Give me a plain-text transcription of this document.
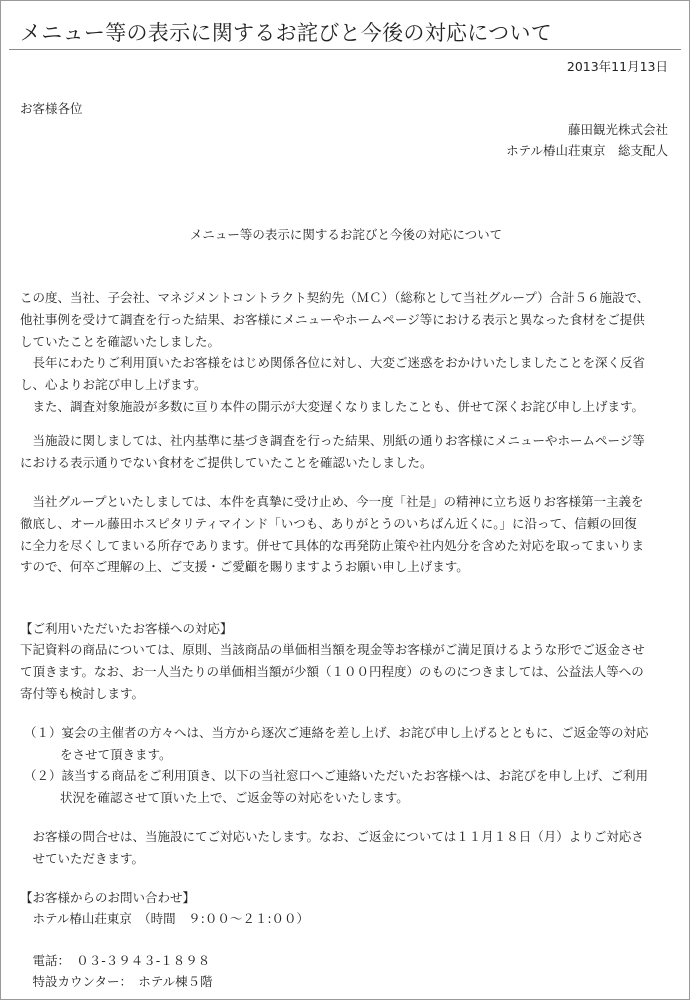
メニュー等の表示に関するお詫びと今後の対応について
2013年11月13日
お客様各位
藤田観光株式会社
ホテル椿山荘東京　総支配人
メニュー等の表示に関するお詫びと今後の対応について

この度、当社、子会社、マネジメントコントラクト契約先（ＭＣ）（総称として当社グループ）合計５６施設で、
他社事例を受けて調査を行った結果、お客様にメニューやホームページ等における表示と異なった食材をご提供
していたことを確認いたしました。
　長年にわたりご利用頂いたお客様をはじめ関係各位に対し、大変ご迷惑をおかけいたしましたことを深く反省
し、心よりお詫び申し上げます。
　また、調査対象施設が多数に亘り本件の開示が大変遅くなりましたことも、併せて深くお詫び申し上げます。

　当施設に関しましては、社内基準に基づき調査を行った結果、別紙の通りお客様にメニューやホームページ等
における表示通りでない食材をご提供していたことを確認いたしました。

　当社グループといたしましては、本件を真摯に受け止め、今一度「社是」の精神に立ち返りお客様第一主義を
徹底し、オール藤田ホスピタリティマインド「いつも、ありがとうのいちばん近くに。」に沿って、信頼の回復
に全力を尽くしてまいる所存であります。併せて具体的な再発防止策や社内処分を含めた対応を取ってまいりま
すので、何卒ご理解の上、ご支援・ご愛顧を賜りますようお願い申し上げます。

【ご利用いただいたお客様への対応】

下記資料の商品については、原則、当該商品の単価相当額を現金等お客様がご満足頂けるような形でご返金させ
て頂きます。なお、お一人当たりの単価相当額が少額（１００円程度）のものにつきましては、公益法人等への
寄付等も検討します。

（１）宴会の主催者の方々へは、当方から逐次ご連絡を差し上げ、お詫び申し上げるとともに、ご返金等の対応
をさせて頂きます。

（２）該当する商品をご利用頂き、以下の当社窓口へご連絡いただいたお客様へは、お詫びを申し上げ、ご利用
状況を確認させて頂いた上で、ご返金等の対応をいたします。

　お客様の問合せは、当施設にてご対応いたします。なお、ご返金については１１月１８日（月）よりご対応さ
　せていただきます。

【お客様からのお問い合わせ】
　ホテル椿山荘東京　（時間　９:００～２１:００）
　電話：　０３-３９４３-１８９８
　特設カウンター：　ホテル棟５階
